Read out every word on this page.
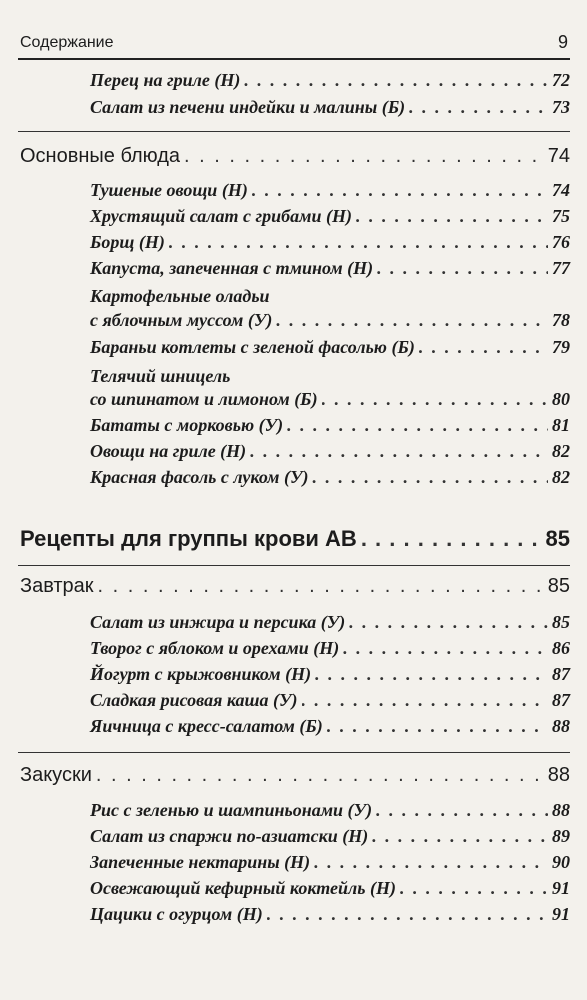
Содержание	9
Перец на гриле (Н) . . .	72
Салат из печени индейки и малины (Б) . . .	73
Основные блюда . . .	74
Тушеные овощи (Н) . . .	74
Хрустящий салат с грибами (Н) . . .	75
Борщ (Н) . . .	76
Капуста, запеченная с тмином (Н) . . .	77
Картофельные оладьи
с яблочным муссом (У) . . .	78
Бараньи котлеты с зеленой фасолью (Б) . . .	79
Телячий шницель
со шпинатом и лимоном (Б) . . .	80
Бататы с морковью (У) . . .	81
Овощи на гриле (Н) . . .	82
Красная фасоль с луком (У) . . .	82
Рецепты для группы крови АВ . . .	85
Завтрак . . .	85
Салат из инжира и персика (У) . . .	85
Творог с яблоком и орехами (Н) . . .	86
Йогурт с крыжовником (Н) . . .	87
Сладкая рисовая каша (У) . . .	87
Яичница с кресс-салатом (Б) . . .	88
Закуски . . .	88
Рис с зеленью и шампиньонами (У) . . .	88
Салат из спаржи по-азиатски (Н) . . .	89
Запеченные нектарины (Н) . . .	90
Освежающий кефирный коктейль (Н) . . .	91
Цацики с огурцом (Н) . . .	91
